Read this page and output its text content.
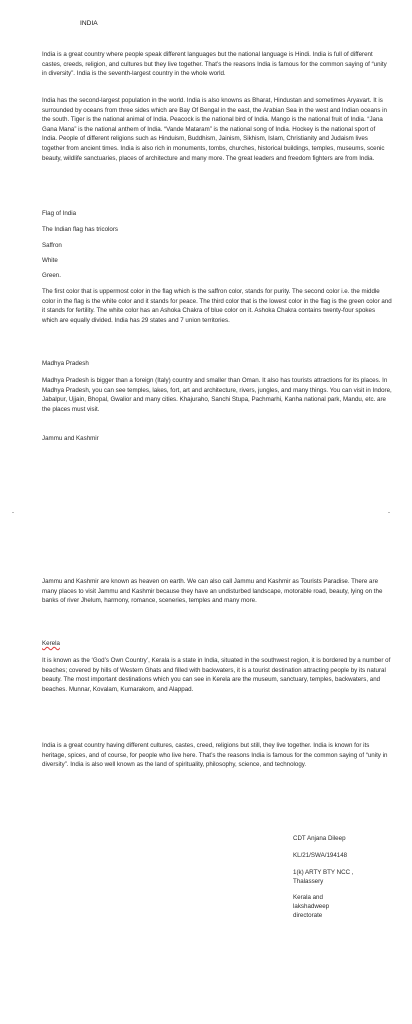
INDIA

India is a great country where people speak different languages but the national language is Hindi. India is full of different castes, creeds, religion, and cultures but they live together. That’s the reasons India is famous for the common saying of “unity in diversity”. India is the seventh-largest country in the whole world.

India has the second-largest population in the world. India is also knowns as Bharat, Hindustan and sometimes Aryavart. It is surrounded by oceans from three sides which are Bay Of Bengal in the east, the Arabian Sea in the west and Indian oceans in the south. Tiger is the national animal of India. Peacock is the national bird of India. Mango is the national fruit of India. “Jana Gana Mana” is the national anthem of India. “Vande Mataram” is the national song of India. Hockey is the national sport of India. People of different religions such as Hinduism, Buddhism, Jainism, Sikhism, Islam, Christianity and Judaism lives together from ancient times. India is also rich in monuments, tombs, churches, historical buildings, temples, museums, scenic beauty, wildlife sanctuaries, places of architecture and many more. The great leaders and freedom fighters are from India.

Flag of India
The Indian flag has tricolors
Saffron
White
Green.

The first color that is uppermost color in the flag which is the saffron color, stands for purity. The second color i.e. the middle color in the flag is the white color and it stands for peace. The third color that is the lowest color in the flag is the green color and it stands for fertility. The white color has an Ashoka Chakra of blue color on it. Ashoka Chakra contains twenty-four spokes which are equally divided. India has 29 states and 7 union territories.

Madhya Pradesh

Madhya Pradesh is bigger than a foreign (Italy) country and smaller than Oman. It also has tourists attractions for its places. In Madhya Pradesh, you can see temples, lakes, fort, art and architecture, rivers, jungles, and many things. You can visit in Indore, Jabalpur, Ujjain, Bhopal, Gwalior and many cities. Khajuraho, Sanchi Stupa, Pachmarhi, Kanha national park, Mandu, etc. are the places must visit.

Jammu and Kashmir

Jammu and Kashmir are known as heaven on earth. We can also call Jammu and Kashmir as Tourists Paradise. There are many places to visit Jammu and Kashmir because they have an undisturbed landscape, motorable road, beauty, lying on the banks of river Jhelum, harmony, romance, sceneries, temples and many more.

Kerela

It is known as the ‘God’s Own Country’, Kerala is a state in India, situated in the southwest region, it is bordered by a number of beaches; covered by hills of Western Ghats and filled with backwaters, it is a tourist destination attracting people by its natural beauty. The most important destinations which you can see in Kerela are the museum, sanctuary, temples, backwaters, and beaches. Munnar, Kovalam, Kumarakom, and Alappad.

India is a great country having different cultures, castes, creed, religions but still, they live together. India is known for its heritage, spices, and of course, for people who live here. That’s the reasons India is famous for the common saying of “unity in diversity”. India is also well known as the land of spirituality, philosophy, science, and technology.

CDT Anjana Dileep
KL/21/SWA/194148
1(k) ARTY BTY NCC , Thalassery
Kerala and lakshadweep directorate
